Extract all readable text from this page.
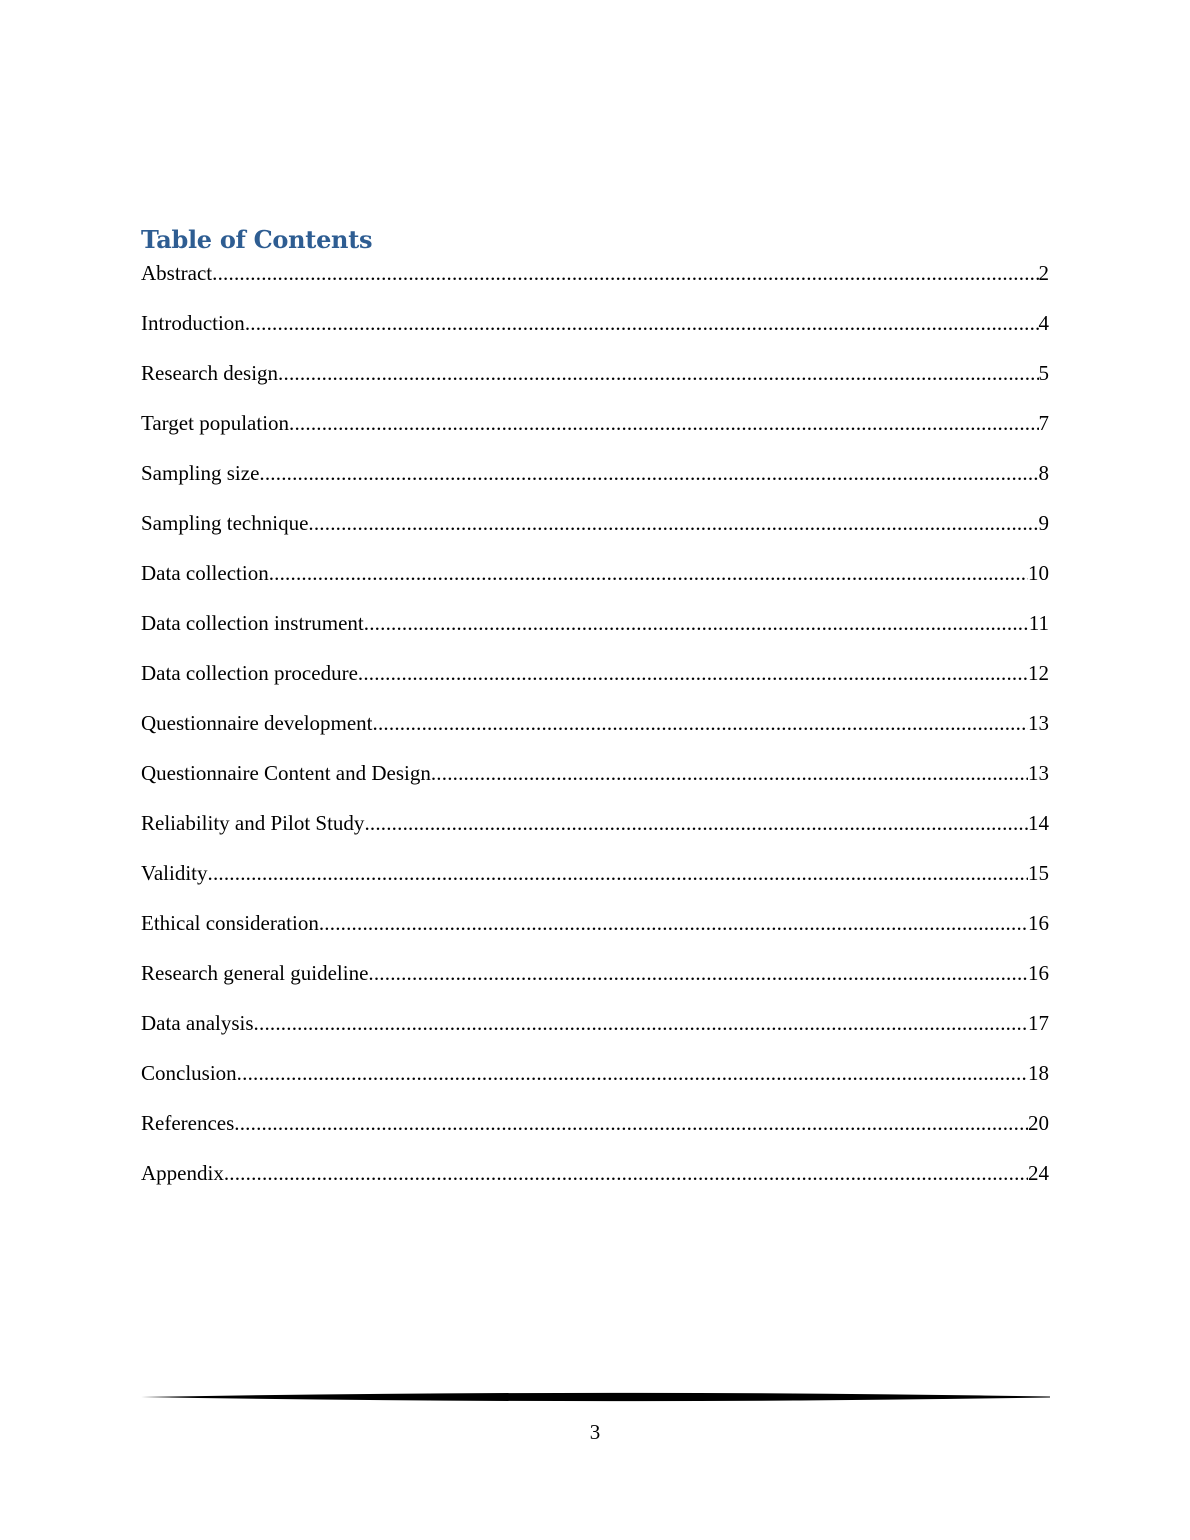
Table of Contents
Abstract .....	2
Introduction .....	4
Research design .....	5
Target population .....	7
Sampling size .....	8
Sampling technique .....	9
Data collection .....	10
Data collection instrument .....	11
Data collection procedure .....	12
Questionnaire development .....	13
Questionnaire Content and Design .....	13
Reliability and Pilot Study .....	14
Validity .....	15
Ethical consideration .....	16
Research general guideline .....	16
Data analysis .....	17
Conclusion .....	18
References .....	20
Appendix .....	24
3
